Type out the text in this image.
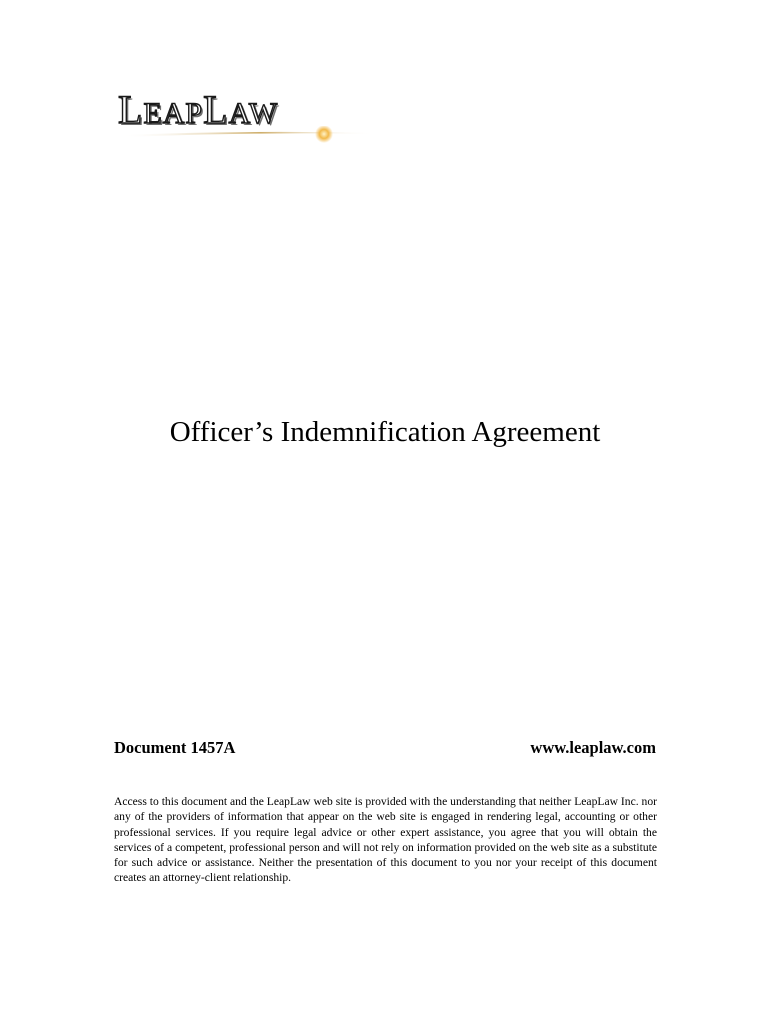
LEAPLAW
Officer’s Indemnification Agreement
Document 1457A	www.leaplaw.com

Access to this document and the LeapLaw web site is provided with the understanding that neither LeapLaw Inc. nor any of the providers of information that appear on the web site is engaged in rendering legal, accounting or other professional services. If you require legal advice or other expert assistance, you agree that you will obtain the services of a competent, professional person and will not rely on information provided on the web site as a substitute for such advice or assistance. Neither the presentation of this document to you nor your receipt of this document creates an attorney-client relationship.
